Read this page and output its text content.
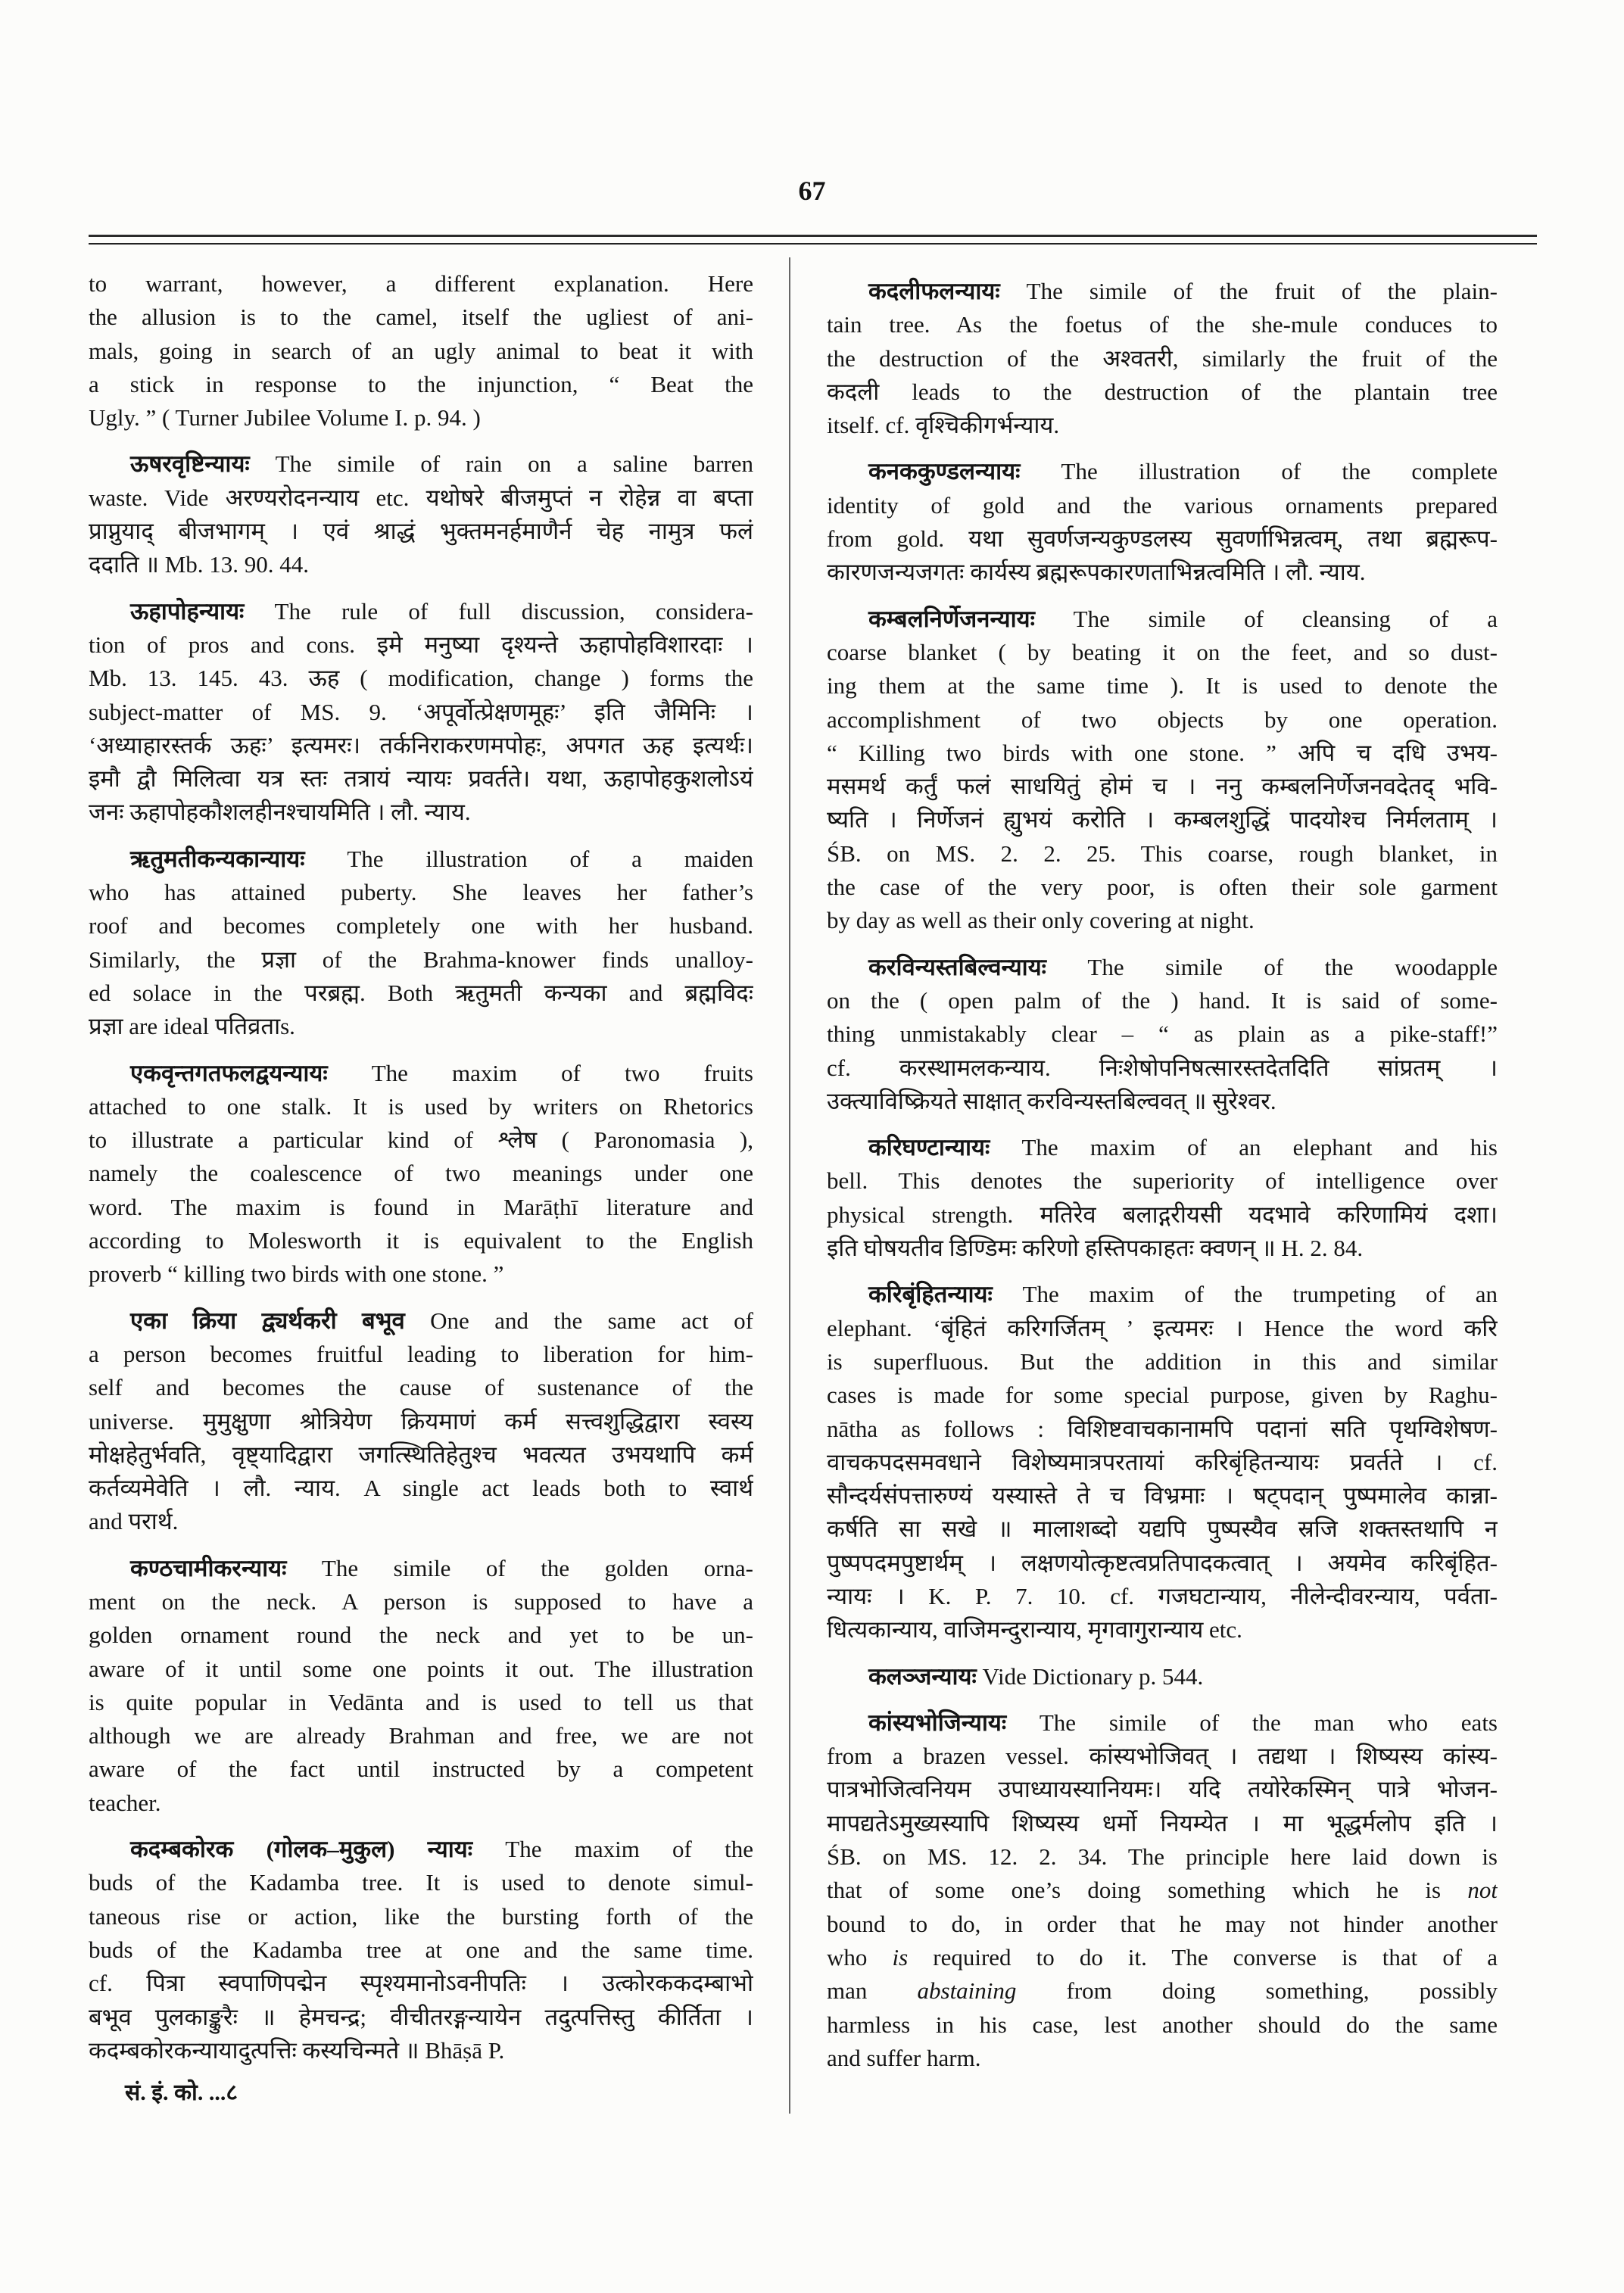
67
to warrant, however, a different explanation. Here
the allusion is to the camel, itself the ugliest of ani-
mals, going in search of an ugly animal to beat it with
a stick in response to the injunction, “ Beat the
Ugly. ” ( Turner Jubilee Volume I. p. 94. )
ऊषरवृष्टिन्यायः The simile of rain on a saline barren
waste. Vide अरण्यरोदनन्याय etc. यथोषरे बीजमुप्तं न रोहेन्न वा बप्ता
प्राप्नुयाद् बीजभागम् । एवं श्राद्धं भुक्तमनर्हमाणैर्न चेह नामुत्र फलं
ददाति ॥ Mb. 13. 90. 44.
ऊहापोहन्यायः The rule of full discussion, considera-
tion of pros and cons. इमे मनुष्या दृश्यन्ते ऊहापोहविशारदाः ।
Mb. 13. 145. 43. ऊह ( modification, change ) forms the
subject-matter of MS. 9. ‘अपूर्वोत्प्रेक्षणमूहः’ इति जैमिनिः ।
‘अध्याहारस्तर्क ऊहः’ इत्यमरः। तर्कनिराकरणमपोहः, अपगत ऊह इत्यर्थः।
इमौ द्वौ मिलित्वा यत्र स्तः तत्रायं न्यायः प्रवर्तते। यथा, ऊहापोहकुशलोऽयं
जनः ऊहापोहकौशलहीनश्चायमिति । लौ. न्याय.
ऋतुमतीकन्यकान्यायः The illustration of a maiden
who has attained puberty. She leaves her father’s
roof and becomes completely one with her husband.
Similarly, the प्रज्ञा of the Brahma-knower finds unalloy-
ed solace in the परब्रह्म. Both ऋतुमती कन्यका and ब्रह्मविदः
प्रज्ञा are ideal पतिव्रताs.
एकवृन्तगतफलद्वयन्यायः The maxim of two fruits
attached to one stalk. It is used by writers on Rhetorics
to illustrate a particular kind of श्लेष ( Paronomasia ),
namely the coalescence of two meanings under one
word. The maxim is found in Marāṭhī literature and
according to Molesworth it is equivalent to the English
proverb “ killing two birds with one stone. ”
एका क्रिया द्व्यर्थकरी बभूव One and the same act of
a person becomes fruitful leading to liberation for him-
self and becomes the cause of sustenance of the
universe. मुमुक्षुणा श्रोत्रियेण क्रियमाणं कर्म सत्त्वशुद्धिद्वारा स्वस्य
मोक्षहेतुर्भवति, वृष्ट्यादिद्वारा जगत्स्थितिहेतुश्च भवत्यत उभयथापि कर्म
कर्तव्यमेवेति । लौ. न्याय. A single act leads both to स्वार्थ
and परार्थ.
कण्ठचामीकरन्यायः The simile of the golden orna-
ment on the neck. A person is supposed to have a
golden ornament round the neck and yet to be un-
aware of it until some one points it out. The illustration
is quite popular in Vedānta and is used to tell us that
although we are already Brahman and free, we are not
aware of the fact until instructed by a competent
teacher.
कदम्बकोरक (गोलक–मुकुल) न्यायः The maxim of the
buds of the Kadamba tree. It is used to denote simul-
taneous rise or action, like the bursting forth of the
buds of the Kadamba tree at one and the same time.
cf. पित्रा स्वपाणिपद्मेन स्पृश्यमानोऽवनीपतिः । उत्कोरककदम्बाभो
बभूव पुलकाङ्कुरैः ॥ हेमचन्द्र; वीचीतरङ्गन्यायेन तदुत्पत्तिस्तु कीर्तिता ।
कदम्बकोरकन्यायादुत्पत्तिः कस्यचिन्मते ॥ Bhāṣā P.
कदलीफलन्यायः The simile of the fruit of the plain-
tain tree. As the foetus of the she-mule conduces to
the destruction of the अश्वतरी, similarly the fruit of the
कदली leads to the destruction of the plantain tree
itself. cf. वृश्चिकीगर्भन्याय.
कनककुण्डलन्यायः The illustration of the complete
identity of gold and the various ornaments prepared
from gold. यथा सुवर्णजन्यकुण्डलस्य सुवर्णाभिन्नत्वम्, तथा ब्रह्मरूप-
कारणजन्यजगतः कार्यस्य ब्रह्मरूपकारणताभिन्नत्वमिति । लौ. न्याय.
कम्बलनिर्णेजनन्यायः The simile of cleansing of a
coarse blanket ( by beating it on the feet, and so dust-
ing them at the same time ). It is used to denote the
accomplishment of two objects by one operation.
“ Killing two birds with one stone. ” अपि च दधि उभय-
मसमर्थ कर्तुं फलं साधयितुं होमं च । ननु कम्बलनिर्णेजनवदेतद् भवि-
ष्यति । निर्णेजनं ह्युभयं करोति । कम्बलशुद्धिं पादयोश्च निर्मलताम् ।
ŚB. on MS. 2. 2. 25. This coarse, rough blanket, in
the case of the very poor, is often their sole garment
by day as well as their only covering at night.
करविन्यस्तबिल्वन्यायः The simile of the woodapple
on the ( open palm of the ) hand. It is said of some-
thing unmistakably clear – “ as plain as a pike-staff!”
cf. करस्थामलकन्याय. निःशेषोपनिषत्सारस्तदेतदिति सांप्रतम् ।
उक्त्याविष्क्रियते साक्षात् करविन्यस्तबिल्ववत् ॥ सुरेश्वर.
करिघण्टान्यायः The maxim of an elephant and his
bell. This denotes the superiority of intelligence over
physical strength. मतिरेव बलाद्गरीयसी यदभावे करिणामियं दशा।
इति घोषयतीव डिण्डिमः करिणो हस्तिपकाहतः क्वणन् ॥ H. 2. 84.
करिबृंहितन्यायः The maxim of the trumpeting of an
elephant. ‘बृंहितं करिगर्जितम् ’ इत्यमरः । Hence the word करि
is superfluous. But the addition in this and similar
cases is made for some special purpose, given by Raghu-
nātha as follows : विशिष्टवाचकानामपि पदानां सति पृथग्विशेषण-
वाचकपदसमवधाने विशेष्यमात्रपरतायां करिबृंहितन्यायः प्रवर्तते । cf.
सौन्दर्यसंपत्तारुण्यं यस्यास्ते ते च विभ्रमाः । षट्पदान् पुष्पमालेव कान्ना-
कर्षति सा सखे ॥ मालाशब्दो यद्यपि पुष्पस्यैव स्रजि शक्तस्तथापि न
पुष्पपदमपुष्टार्थम् । लक्षणयोत्कृष्टत्वप्रतिपादकत्वात् । अयमेव करिबृंहित-
न्यायः । K. P. 7. 10. cf. गजघटान्याय, नीलेन्दीवरन्याय, पर्वता-
धित्यकान्याय, वाजिमन्दुरान्याय, मृगवागुरान्याय etc.
कलञ्जन्यायः Vide Dictionary p. 544.
कांस्यभोजिन्यायः The simile of the man who eats
from a brazen vessel. कांस्यभोजिवत् । तद्यथा । शिष्यस्य कांस्य-
पात्रभोजित्वनियम उपाध्यायस्यानियमः। यदि तयोरेकस्मिन् पात्रे भोजन-
मापद्यतेऽमुख्यस्यापि शिष्यस्य धर्मो नियम्येत । मा भूद्धर्मलोप इति ।
ŚB. on MS. 12. 2. 34. The principle here laid down is
that of some one’s doing something which he is not
bound to do, in order that he may not hinder another
who is required to do it. The converse is that of a
man abstaining from doing something, possibly
harmless in his case, lest another should do the same
and suffer harm.
सं. इं. को. ...८
